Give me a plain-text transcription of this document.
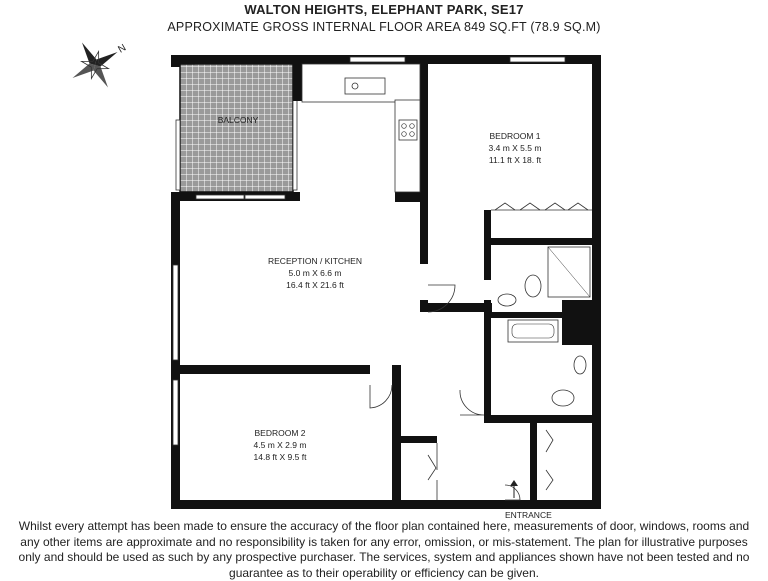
WALTON HEIGHTS, ELEPHANT PARK, SE17
APPROXIMATE GROSS INTERNAL FLOOR AREA 849 SQ.FT (78.9 SQ.M)
N
BALCONY
BEDROOM 1
3.4 m X 5.5 m
11.1 ft X 18. ft
RECEPTION / KITCHEN
5.0 m X 6.6 m
16.4 ft X 21.6 ft
BEDROOM 2
4.5 m X 2.9 m
14.8 ft X 9.5 ft
ENTRANCE
Whilst every attempt has been made to ensure the accuracy of the floor plan contained here, measurements of door, windows, rooms and any other items are approximate and no responsibility is taken for any error, omission, or mis-statement. The plan for illustrative purposes only and should be used as such by any prospective purchaser. The services, system and appliances shown have not been tested and no guarantee as to their operability or efficiency can be given.
